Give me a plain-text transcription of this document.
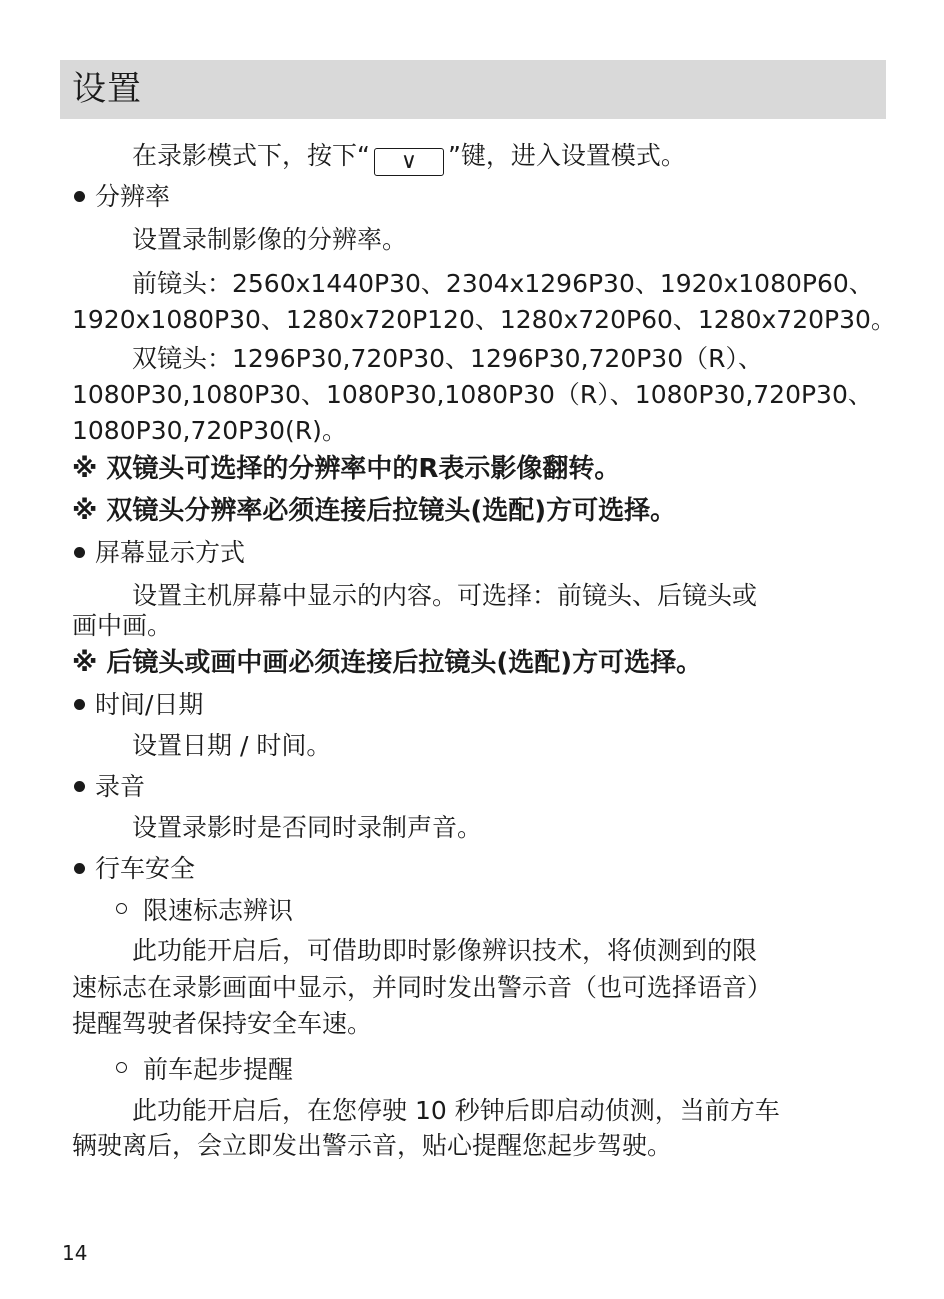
设置
在录影模式下，按下“ ∨ ”键，进入设置模式。
分辨率
设置录制影像的分辨率。
前镜头：2560x1440P30、2304x1296P30、1920x1080P60、
1920x1080P30、1280x720P120、1280x720P60、1280x720P30。
双镜头：1296P30,720P30、1296P30,720P30（R）、
1080P30,1080P30、1080P30,1080P30（R）、1080P30,720P30、
1080P30,720P30(R)。
※ 双镜头可选择的分辨率中的R表示影像翻转。
※ 双镜头分辨率必须连接后拉镜头(选配)方可选择。
屏幕显示方式
设置主机屏幕中显示的内容。可选择：前镜头、后镜头或
画中画。
※ 后镜头或画中画必须连接后拉镜头(选配)方可选择。
时间/日期
设置日期 / 时间。
录音
设置录影时是否同时录制声音。
行车安全
限速标志辨识
此功能开启后，可借助即时影像辨识技术，将侦测到的限
速标志在录影画面中显示，并同时发出警示音（也可选择语音）
提醒驾驶者保持安全车速。
前车起步提醒
此功能开启后，在您停驶 10 秒钟后即启动侦测，当前方车
辆驶离后，会立即发出警示音，贴心提醒您起步驾驶。
14
